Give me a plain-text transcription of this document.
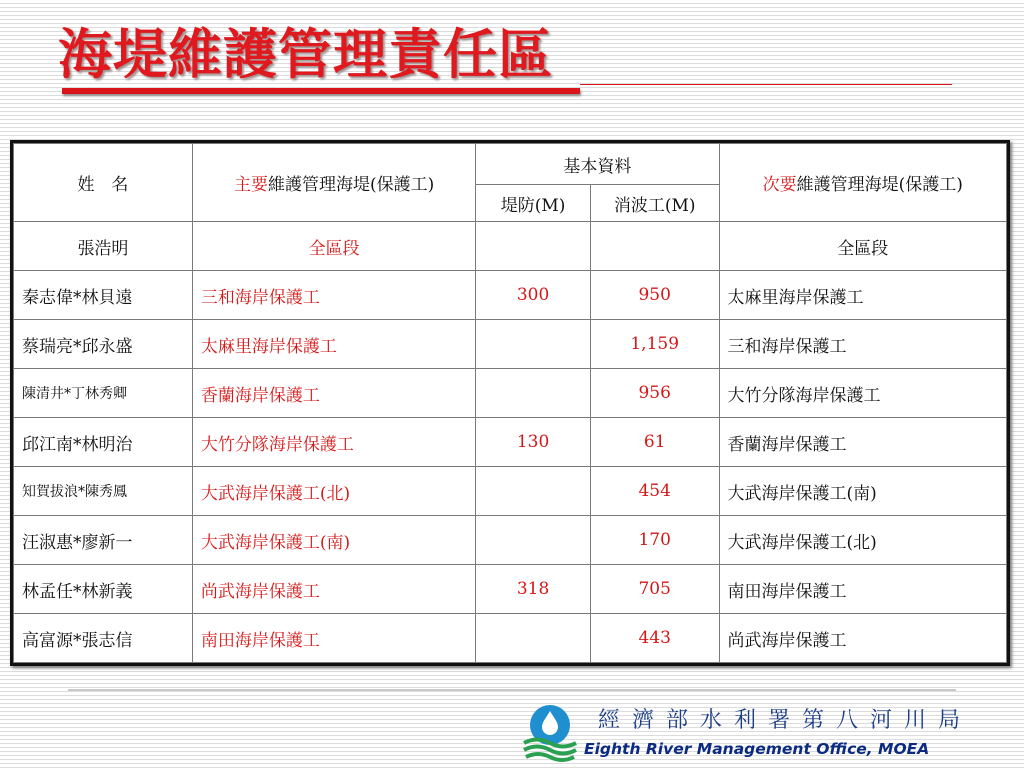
海堤維護管理責任區
姓　名	主要維護管理海堤(保護工)	基本資料		次要維護管理海堤(保護工)
		堤防(M)	消波工(M)	
張浩明	全區段			全區段
秦志偉*林貝遠	三和海岸保護工	300	950	太麻里海岸保護工
蔡瑞亮*邱永盛	太麻里海岸保護工		1,159	三和海岸保護工
陳清井*丁林秀卿	香蘭海岸保護工		956	大竹分隊海岸保護工
邱江南*林明治	大竹分隊海岸保護工	130	61	香蘭海岸保護工
知賀拔浪*陳秀鳳	大武海岸保護工(北)		454	大武海岸保護工(南)
汪淑惠*廖新一	大武海岸保護工(南)		170	大武海岸保護工(北)
林孟任*林新義	尚武海岸保護工	318	705	南田海岸保護工
高富源*張志信	南田海岸保護工		443	尚武海岸保護工

經濟部水利署第八河川局

Eighth River Management Office, MOEA
